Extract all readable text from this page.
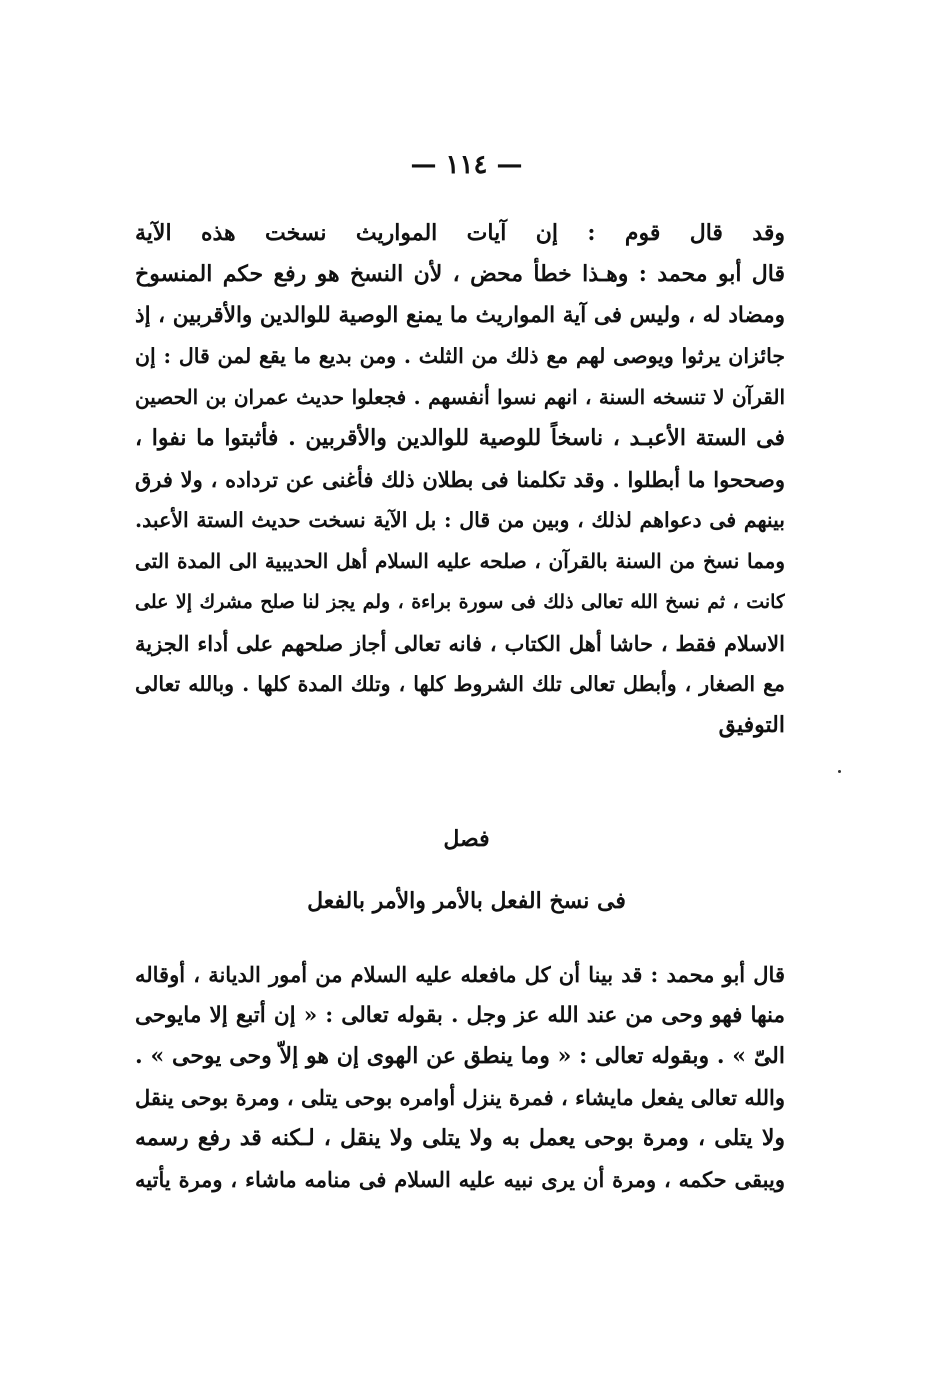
— ١١٤ —
وقد قال قوم : إن آيات المواريث نسخت هذه الآية
قال أبو محمد : وهـذا خطأ محض ، لأن النسخ هو رفع حكم المنسوخ
ومضاد له ، وليس فى آية المواريث ما يمنع الوصية للوالدين والأقربين ، إذ
جائزان يرثوا ويوصى لهم مع ذلك من الثلث . ومن بديع ما يقع لمن قال : إن
القرآن لا تنسخه السنة ، انهم نسوا أنفسهم . فجعلوا حديث عمران بن الحصين
فى الستة الأعبـد ، ناسخاً للوصية للوالدين والأقربين . فأثبتوا ما نفوا ،
وصححوا ما أبطلوا . وقد تكلمنا فى بطلان ذلك فأغنى عن ترداده ، ولا فرق
بينهم فى دعواهم لذلك ، وبين من قال : بل الآية نسخت حديث الستة الأعبد.
ومما نسخ من السنة بالقرآن ، صلحه عليه السلام أهل الحديبية الى المدة التى
كانت ، ثم نسخ الله تعالى ذلك فى سورة براءة ، ولم يجز لنا صلح مشرك إلا على
الاسلام فقط ، حاشا أهل الكتاب ، فانه تعالى أجاز صلحهم على أداء الجزية
مع الصغار ، وأبطل تعالى تلك الشروط كلها ، وتلك المدة كلها . وبالله تعالى
التوفيق
فصل
فى نسخ الفعل بالأمر والأمر بالفعل
قال أبو محمد : قد بينا أن كل مافعله عليه السلام من أمور الديانة ، أوقاله
منها فهو وحى من عند الله عز وجل . بقوله تعالى : « إن أتبع إلا مايوحى
الىّ » . وبقوله تعالى : « وما ينطق عن الهوى إن هو إلاّ وحى يوحى » .
والله تعالى يفعل مايشاء ، فمرة ينزل أوامره بوحى يتلى ، ومرة بوحى ينقل
ولا يتلى ، ومرة بوحى يعمل به ولا يتلى ولا ينقل ، لـكنه قد رفع رسمه
ويبقى حكمه ، ومرة أن يرى نبيه عليه السلام فى منامه ماشاء ، ومرة يأتيه
